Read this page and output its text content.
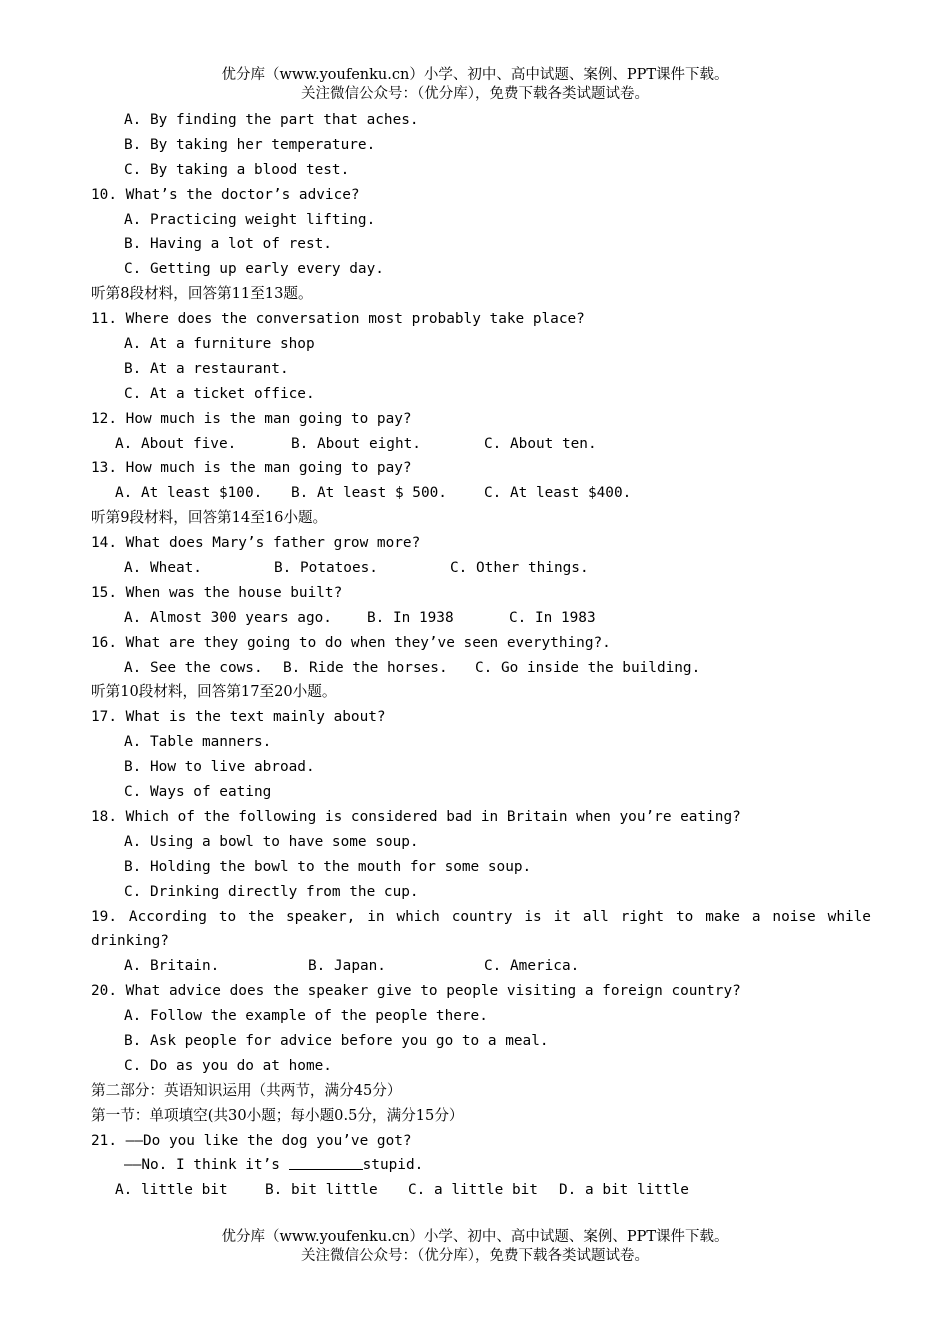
优分库（www.youfenku.cn）小学、初中、高中试题、案例、PPT课件下载。
关注微信公众号：（优分库），免费下载各类试题试卷。
A. By finding the part that aches.
B. By taking her temperature.
C. By taking a blood test.
10. What’s the doctor’s advice?
A. Practicing weight lifting.
B. Having a lot of rest.
C. Getting up early every day.
听第8段材料，回答第11至13题。
11. Where does the conversation most probably take place?
A. At a furniture shop
B. At a restaurant.
C. At a ticket office.
12. How much is the man going to pay?
A. About five.	B. About eight.	C. About ten.
13. How much is the man going to pay?
A. At least $100.	B. At least $ 500.	C. At least $400.
听第9段材料，回答第14至16小题。
14. What does Mary’s father grow more?
A. Wheat.	B. Potatoes.	C. Other things.
15. When was the house built?
A. Almost 300 years ago.	B. In 1938	C. In 1983
16. What are they going to do when they’ve seen everything?.
A. See the cows.	B. Ride the horses.	C. Go inside the building.
听第10段材料，回答第17至20小题。
17. What is the text mainly about?
A. Table manners.
B. How to live abroad.
C. Ways of eating
18. Which of the following is considered bad in Britain when you’re eating?
A. Using a bowl to have some soup.
B. Holding the bowl to the mouth for some soup.
C. Drinking directly from the cup.
19. According to the speaker, in which country is it all right to make a noise while
drinking?
A. Britain.	B. Japan.	C. America.
20. What advice does the speaker give to people visiting a foreign country?
A. Follow the example of the people there.
B. Ask people for advice before you go to a meal.
C. Do as you do at home.
第二部分：英语知识运用（共两节，满分45分）
第一节：单项填空(共30小题；每小题0.5分，满分15分）
21. ——Do you like the dog you’ve got?
——No. I think it’s	stupid.
A. little bit	B. bit little	C. a little bit	D. a bit little
优分库（www.youfenku.cn）小学、初中、高中试题、案例、PPT课件下载。
关注微信公众号：（优分库），免费下载各类试题试卷。
